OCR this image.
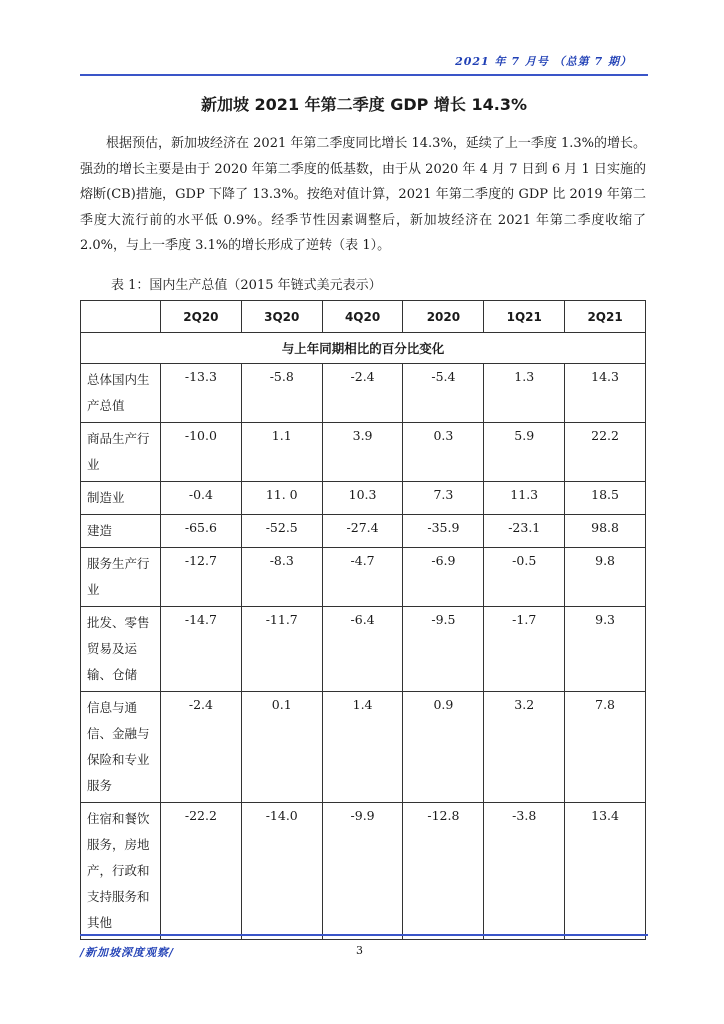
2021 年 7 月号 （总第 7 期）
新加坡 2021 年第二季度 GDP 增长 14.3%

根据预估，新加坡经济在 2021 年第二季度同比增长 14.3%，延续了上一季度 1.3%的增长。强劲的增长主要是由于 2020 年第二季度的低基数，由于从 2020 年 4 月 7 日到 6 月 1 日实施的熔断(CB)措施，GDP 下降了 13.3%。按绝对值计算，2021 年第二季度的 GDP 比 2019 年第二季度大流行前的水平低 0.9%。经季节性因素调整后，新加坡经济在 2021 年第二季度收缩了 2.0%，与上一季度 3.1%的增长形成了逆转（表 1）。

表 1：国内生产总值（2015 年链式美元表示）
	2Q20	3Q20	4Q20	2020	1Q21	2Q21
与上年同期相比的百分比变化						
总体国内生产总值	-13.3	-5.8	-2.4	-5.4	1.3	14.3
商品生产行业	-10.0	1.1	3.9	0.3	5.9	22.2
制造业	-0.4	11. 0	10.3	7.3	11.3	18.5
建造	-65.6	-52.5	-27.4	-35.9	-23.1	98.8
服务生产行业	-12.7	-8.3	-4.7	-6.9	-0.5	9.8
批发、零售贸易及运输、仓储	-14.7	-11.7	-6.4	-9.5	-1.7	9.3
信息与通信、金融与保险和专业服务	-2.4	0.1	1.4	0.9	3.2	7.8
住宿和餐饮服务，房地产，行政和支持服务和其他	-22.2	-14.0	-9.9	-12.8	-3.8	13.4
/新加坡深度观察/	3
